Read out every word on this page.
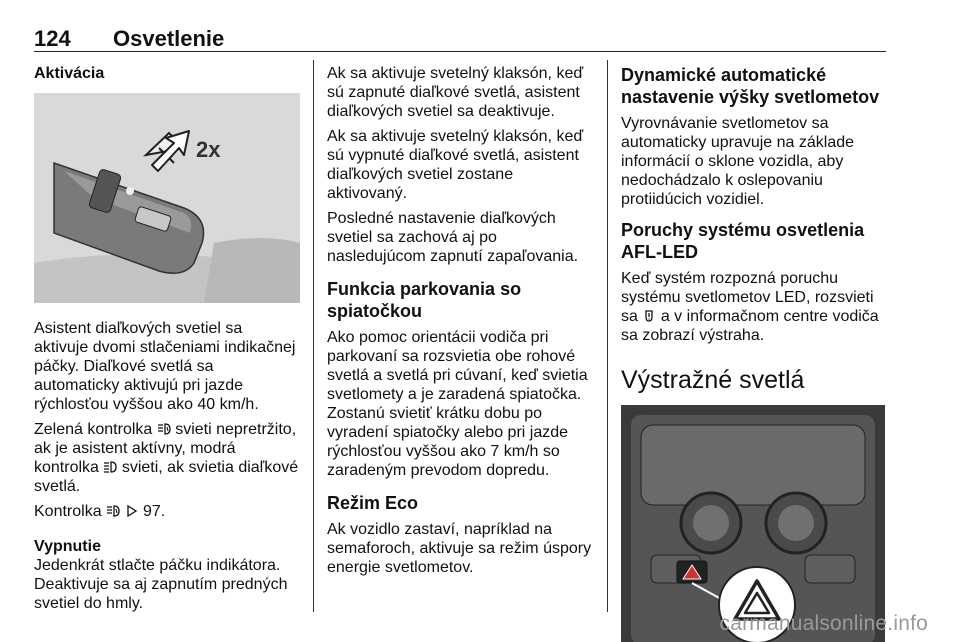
124 Osvetlenie
Aktivácia
2x

Asistent diaľkových svetiel sa aktivuje dvomi stlačeniami indikačnej páčky. Diaľkové svetlá sa automaticky aktivujú pri jazde rýchlosťou vyššou ako 40 km/h.

Zelená kontrolka svieti nepretržito, ak je asistent aktívny, modrá kontrolka svieti, ak svietia diaľkové svetlá.

Kontrolka	97.

Vypnutie

Jedenkrát stlačte páčku indikátora. Deaktivuje sa aj zapnutím predných svetiel do hmly.

Ak sa aktivuje svetelný klaksón, keď sú zapnuté diaľkové svetlá, asistent diaľkových svetiel sa deaktivuje.

Ak sa aktivuje svetelný klaksón, keď sú vypnuté diaľkové svetlá, asistent diaľkových svetiel zostane aktivovaný.

Posledné nastavenie diaľkových svetiel sa zachová aj po nasledujúcom zapnutí zapaľovania.

Funkcia parkovania so spiatočkou

Ako pomoc orientácii vodiča pri parkovaní sa rozsvietia obe rohové svetlá a svetlá pri cúvaní, keď svietia svetlomety a je zaradená spiatočka. Zostanú svietiť krátku dobu po vyradení spiatočky alebo pri jazde rýchlosťou vyššou ako 7 km/h so zaradeným prevodom dopredu.

Režim Eco

Ak vozidlo zastaví, napríklad na semaforoch, aktivuje sa režim úspory energie svetlometov.

Dynamické automatické nastavenie výšky svetlometov

Vyrovnávanie svetlometov sa automaticky upravuje na základe informácií o sklone vozidla, aby nedochádzalo k oslepovaniu protiidúcich vozidiel.

Poruchy systému osvetlenia AFL-LED

Keď systém rozpozná poruchu systému svetlometov LED, rozsvieti sa a v informačnom centre vodiča sa zobrazí výstraha.

Výstražné svetlá
carmanualsonline.info
